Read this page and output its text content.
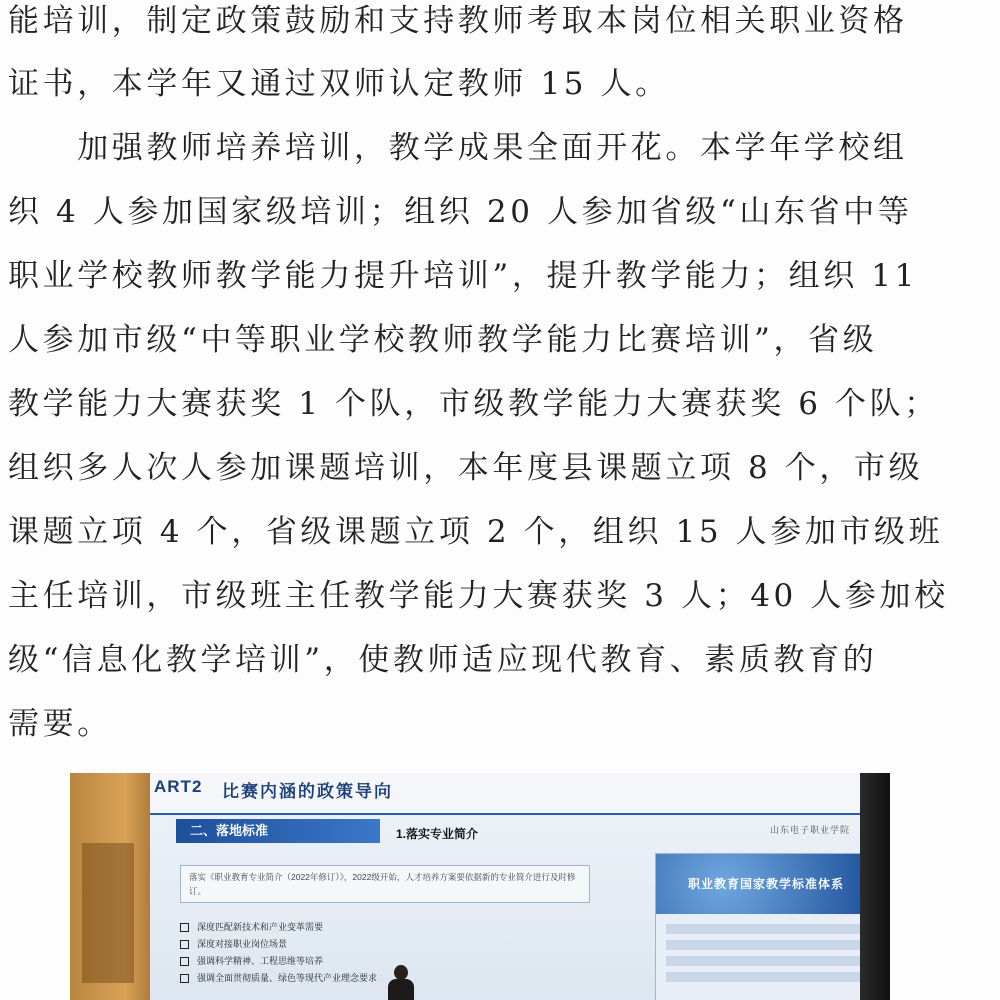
能培训，制定政策鼓励和支持教师考取本岗位相关职业资格
证书，本学年又通过双师认定教师 15 人。
　　加强教师培养培训，教学成果全面开花。本学年学校组
织 4 人参加国家级培训；组织 20 人参加省级“山东省中等
职业学校教师教学能力提升培训”，提升教学能力；组织 11
人参加市级“中等职业学校教师教学能力比赛培训”，省级
教学能力大赛获奖 1 个队，市级教学能力大赛获奖 6 个队；
组织多人次人参加课题培训，本年度县课题立项 8 个，市级
课题立项 4 个，省级课题立项 2 个，组织 15 人参加市级班
主任培训，市级班主任教学能力大赛获奖 3 人；40 人参加校
级“信息化教学培训”，使教师适应现代教育、素质教育的
需要。
ART2 比赛内涵的政策导向
二、落地标准	1.落实专业简介	山东电子职业学院
落实《职业教育专业简介（2022年修订）》，2022级开始，人才培养方案要依据新的专业简介进行及时修订。
深度匹配新技术和产业变革需要
深度对接职业岗位场景
强调科学精神、工程思维等培养
强调全面贯彻质量、绿色等现代产业理念要求
职业教育国家教学标准体系
